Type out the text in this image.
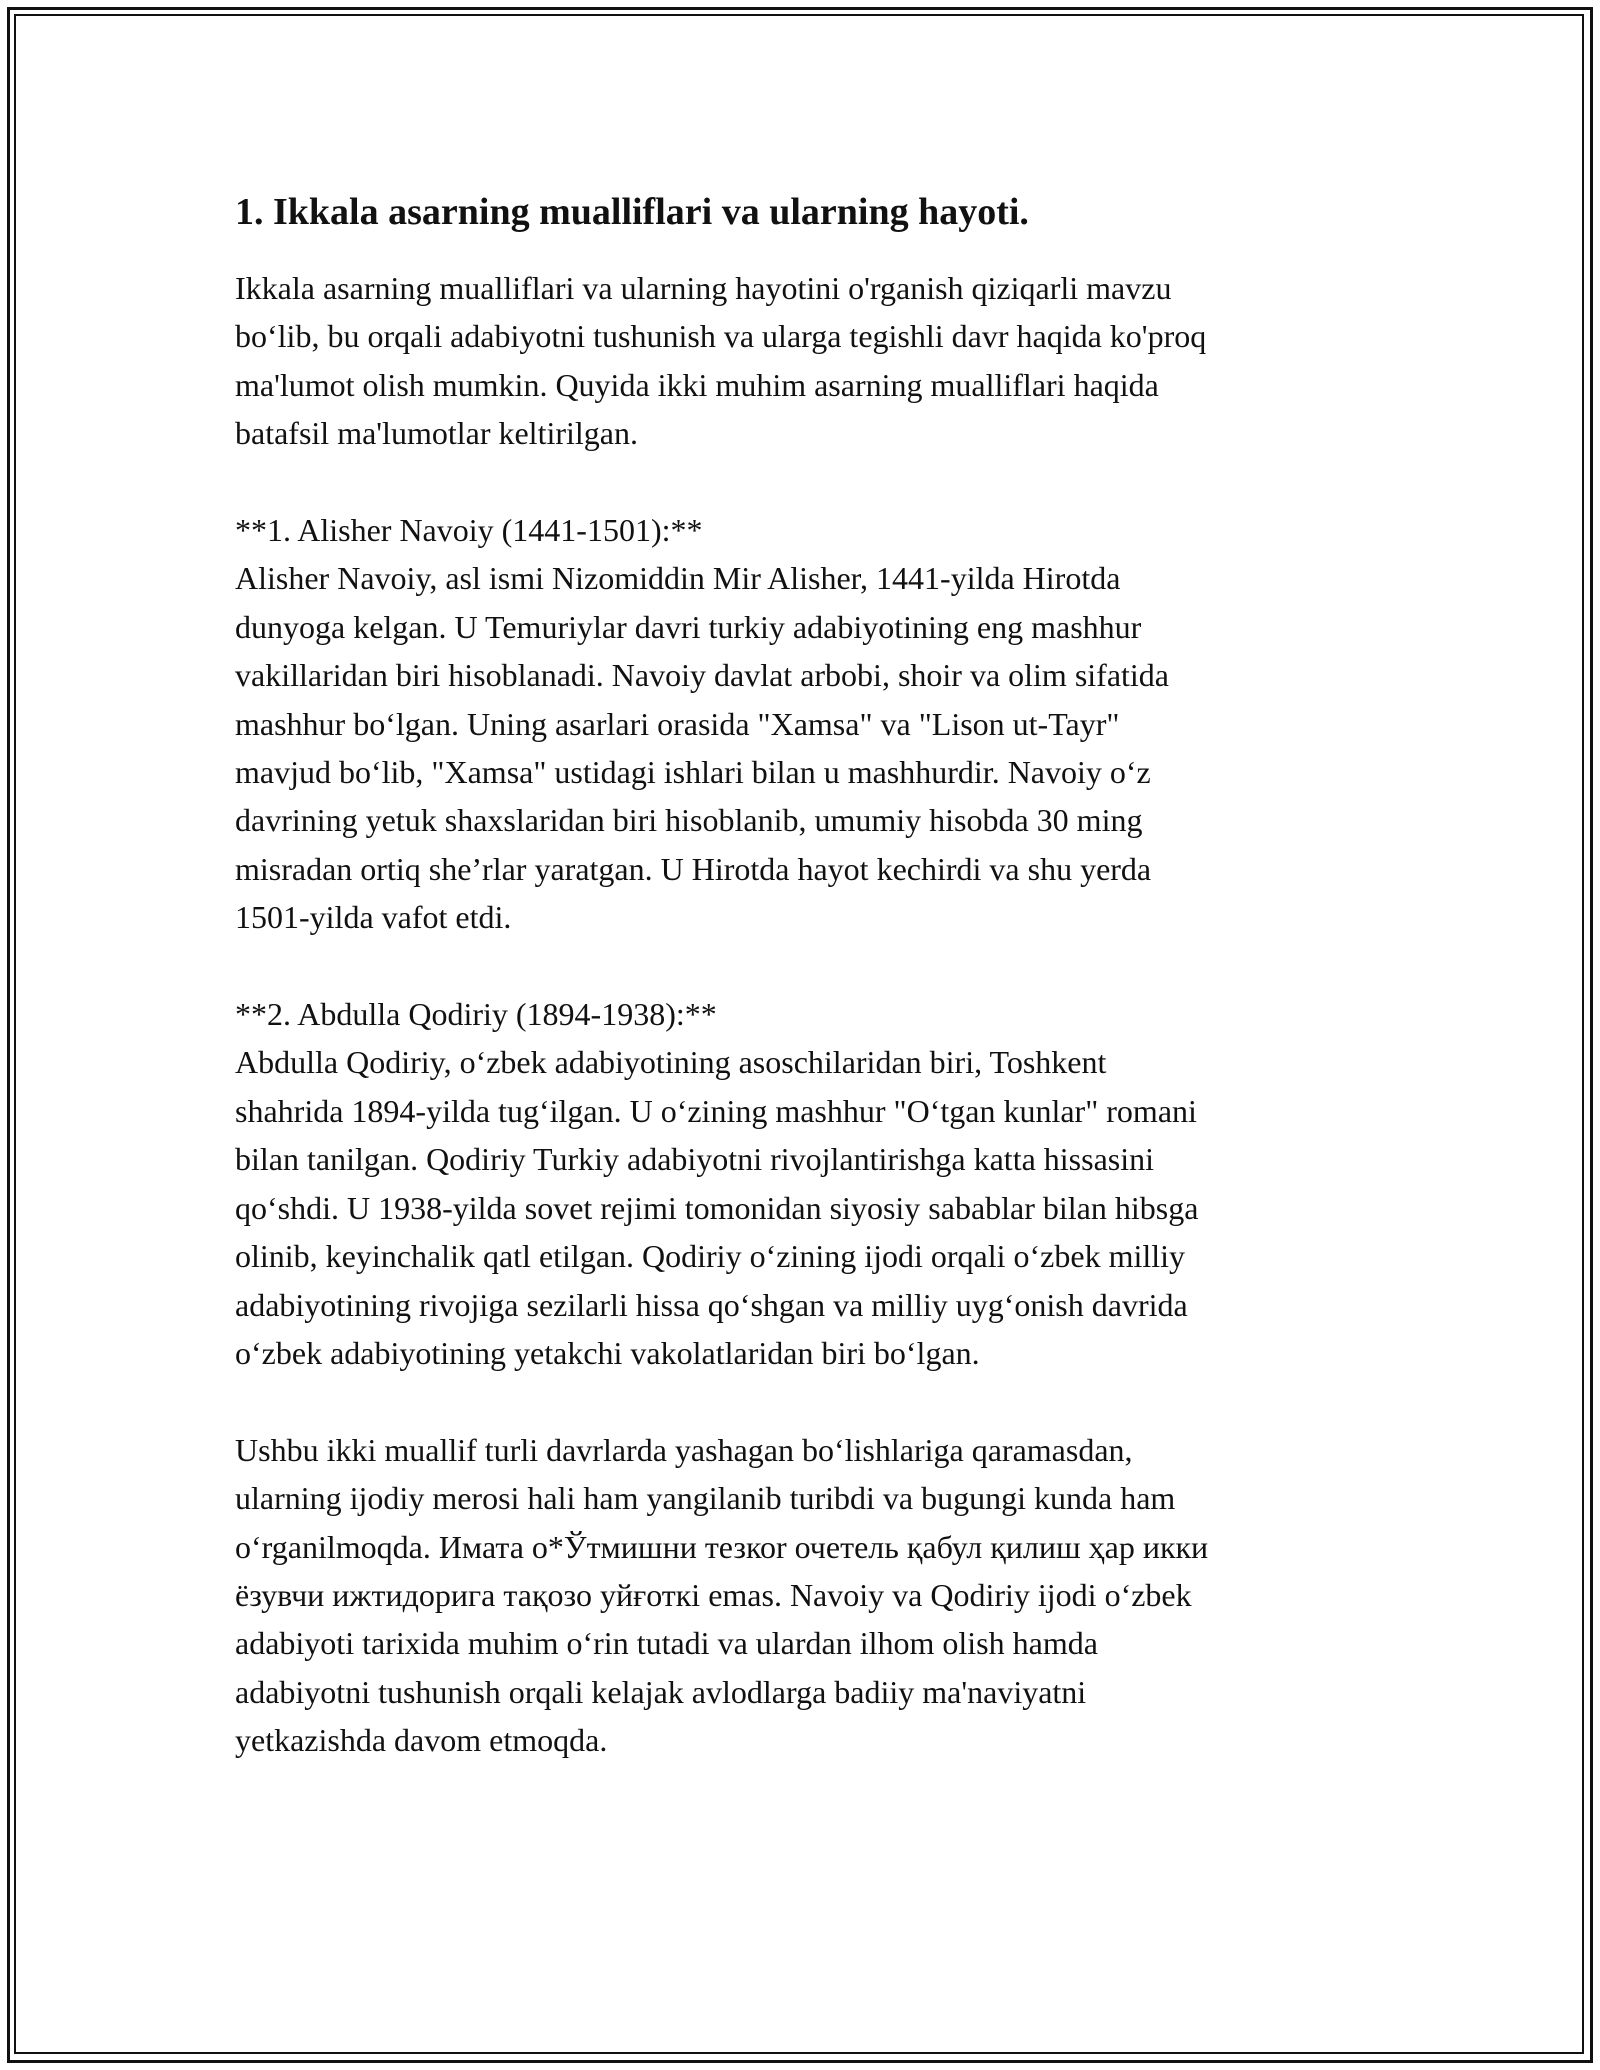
1. Ikkala asarning mualliflari va ularning hayoti.

Ikkala asarning mualliflari va ularning hayotini o'rganish qiziqarli mavzu
bo‘lib, bu orqali adabiyotni tushunish va ularga tegishli davr haqida ko'proq
ma'lumot olish mumkin. Quyida ikki muhim asarning mualliflari haqida
batafsil ma'lumotlar keltirilgan.

**1. Alisher Navoiy (1441-1501):**

Alisher Navoiy, asl ismi Nizomiddin Mir Alisher, 1441-yilda Hirotda
dunyoga kelgan. U Temuriylar davri turkiy adabiyotining eng mashhur
vakillaridan biri hisoblanadi. Navoiy davlat arbobi, shoir va olim sifatida
mashhur bo‘lgan. Uning asarlari orasida "Xamsa" va "Lison ut-Tayr"
mavjud bo‘lib, "Xamsa" ustidagi ishlari bilan u mashhurdir. Navoiy o‘z
davrining yetuk shaxslaridan biri hisoblanib, umumiy hisobda 30 ming
misradan ortiq she’rlar yaratgan. U Hirotda hayot kechirdi va shu yerda
1501-yilda vafot etdi.

**2. Abdulla Qodiriy (1894-1938):**

Abdulla Qodiriy, o‘zbek adabiyotining asoschilaridan biri, Toshkent
shahrida 1894-yilda tug‘ilgan. U o‘zining mashhur "O‘tgan kunlar" romani
bilan tanilgan. Qodiriy Turkiy adabiyotni rivojlantirishga katta hissasini
qo‘shdi. U 1938-yilda sovet rejimi tomonidan siyosiy sabablar bilan hibsga
olinib, keyinchalik qatl etilgan. Qodiriy o‘zining ijodi orqali o‘zbek milliy
adabiyotining rivojiga sezilarli hissa qo‘shgan va milliy uyg‘onish davrida
o‘zbek adabiyotining yetakchi vakolatlaridan biri bo‘lgan.

Ushbu ikki muallif turli davrlarda yashagan bo‘lishlariga qaramasdan,
ularning ijodiy merosi hali ham yangilanib turibdi va bugungi kunda ham
o‘rganilmoqda. Имата о*Ўтмишни тезкоr очетель қабул қилиш ҳар икки
ёзувчи ижтидорига тақозо уйғоткі emas. Navoiy va Qodiriy ijodi o‘zbek
adabiyoti tarixida muhim o‘rin tutadi va ulardan ilhom olish hamda
adabiyotni tushunish orqali kelajak avlodlarga badiiy ma'naviyatni
yetkazishda davom etmoqda.
